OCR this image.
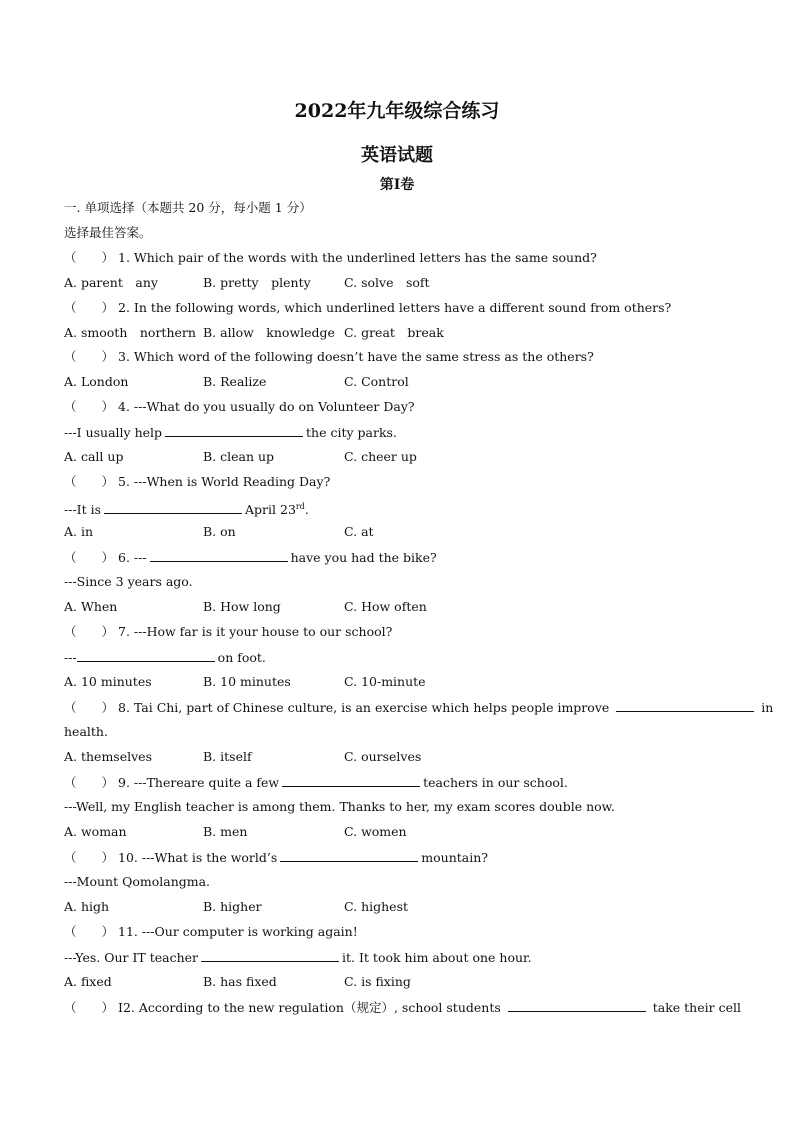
2022年九年级综合练习
英语试题
第I卷
一. 单项选择（本题共 20 分，每小题 1 分）
选择最佳答案。
（　　） 1. Which pair of the words with the underlined letters has the same sound?
A. parent　any	B. pretty　plenty	C. solve　soft
（　　） 2. In the following words, which underlined letters have a different sound from others?
A. smooth　northern B. allow　knowledge C. great　break
（　　） 3. Which word of the following doesn’t have the same stress as the others?
A. London	B. Realize	C. Control
（　　） 4. ---What do you usually do on Volunteer Day?
---I usually help	the city parks.
A. call up	B. clean up	C. cheer up
（　　） 5. ---When is World Reading Day?
---It is	April 23rd.
A. in	B. on	C. at
（　　） 6. ---	have you had the bike?
---Since 3 years ago.
A. When	B. How long	C. How often
（　　） 7. ---How far is it your house to our school?
---	on foot.
A. 10 minutes	B. 10 minutes	C. 10-minute
（　　） 8. Tai Chi, part of Chinese culture, is an exercise which helps people improve	in
health.
A. themselves	B. itself	C. ourselves
（　　） 9. ---Thereare quite a few	teachers in our school.
---Well, my English teacher is among them. Thanks to her, my exam scores double now.
A. woman	B. men	C. women
（　　） 10. ---What is the world’s	mountain?
---Mount Qomolangma.
A. high	B. higher	C. highest
（　　） 11. ---Our computer is working again!
---Yes. Our IT teacher	it. It took him about one hour.
A. fixed	B. has fixed	C. is fixing
（　　） I2. According to the new regulation（规定）, school students	take their cell
